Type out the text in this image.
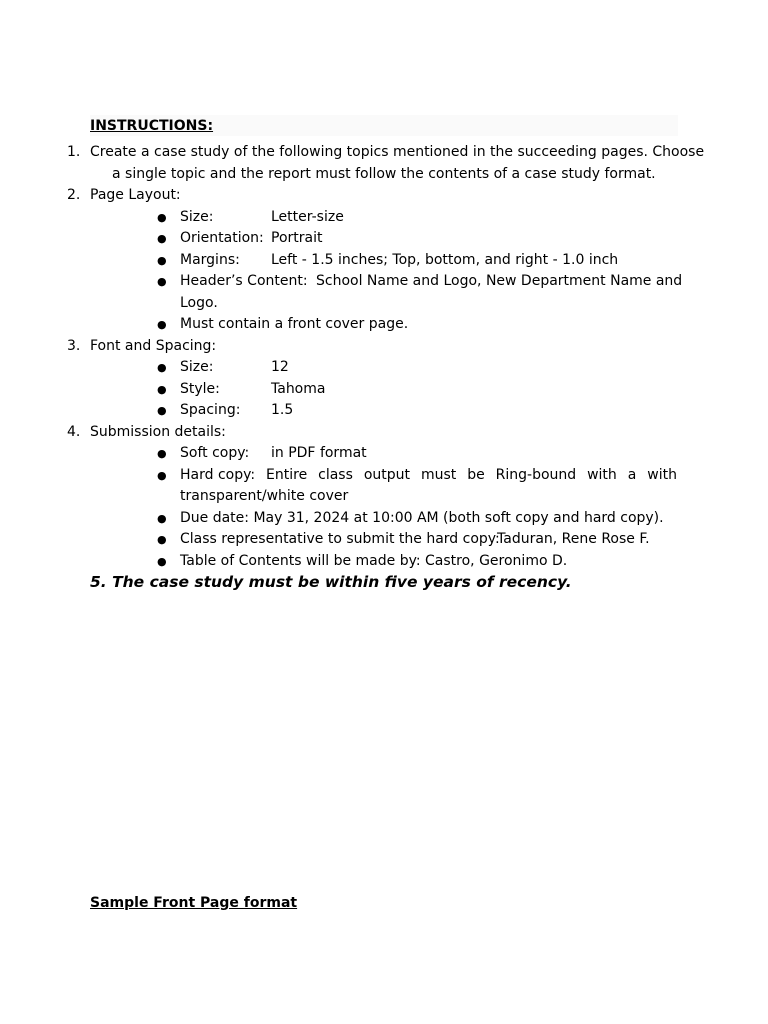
INSTRUCTIONS:
1. Create a case study of the following topics mentioned in the succeeding pages. Choose
a single topic and the report must follow the contents of a case study format.
2. Page Layout:
● Size:	Letter-size
● Orientation: Portrait
● Margins: Left - 1.5 inches; Top, bottom, and right - 1.0 inch
● Header’s Content: School Name and Logo, New Department Name and
Logo.
● Must contain a front cover page.
3. Font and Spacing:
● Size:	12
● Style:	Tahoma
● Spacing: 1.5
4. Submission details:
● Soft copy: in PDF format
● Hard copy: Entire class output must be Ring-bound with a with
transparent/white cover
● Due date: May 31, 2024 at 10:00 AM (both soft copy and hard copy).
● Class representative to submit the hard copy:
Taduran, Rene Rose F.
● Table of Contents will be made by: Castro, Geronimo D.
5. The case study must be within five years of recency.
Sample Front Page format
